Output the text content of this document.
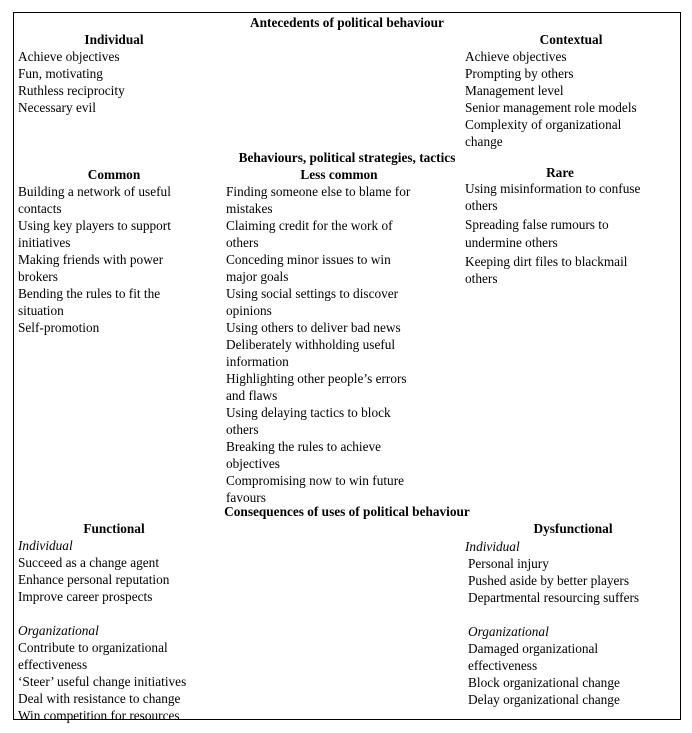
Antecedents of political behaviour
Individual
Achieve objectives
Fun, motivating
Ruthless reciprocity
Necessary evil
Contextual
Achieve objectives
Prompting by others
Management level
Senior management role models
Complexity of organizational
change
Behaviours, political strategies, tactics
Common
Building a network of useful
contacts
Using key players to support
initiatives
Making friends with power
brokers
Bending the rules to fit the
situation
Self-promotion
Less common
Finding someone else to blame for
mistakes
Claiming credit for the work of
others
Conceding minor issues to win
major goals
Using social settings to discover
opinions
Using others to deliver bad news
Deliberately withholding useful
information
Highlighting other people’s errors
and flaws
Using delaying tactics to block
others
Breaking the rules to achieve
objectives
Compromising now to win future
favours
Rare
Using misinformation to confuse
others
Spreading false rumours to
undermine others
Keeping dirt files to blackmail
others
Consequences of uses of political behaviour
Functional
Individual
Succeed as a change agent
Enhance personal reputation
Improve career prospects
Organizational
Contribute to organizational
effectiveness
‘Steer’ useful change initiatives
Deal with resistance to change
Win competition for resources
Dysfunctional
Individual
Personal injury
Pushed aside by better players
Departmental resourcing suffers
Organizational
Damaged organizational
effectiveness
Block organizational change
Delay organizational change
